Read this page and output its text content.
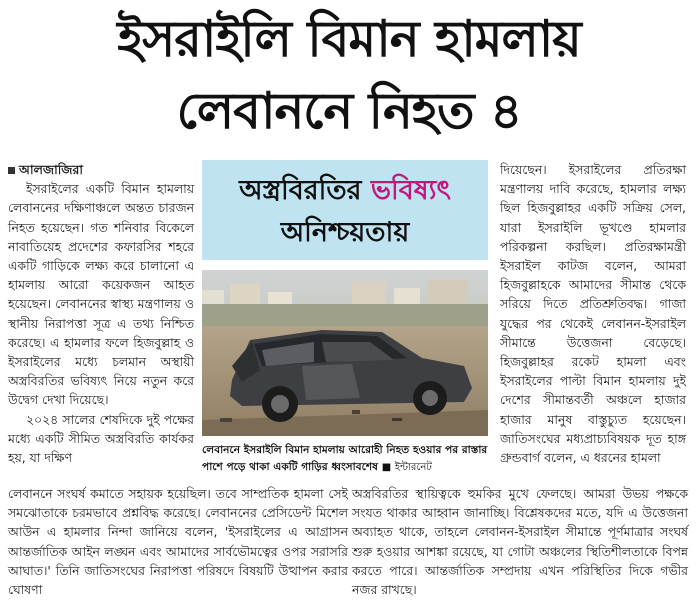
ইসরাইলি বিমান হামলায়
লেবাননে নিহত ৪

আলজাজিরা

ইসরাইলের একটি বিমান হামলায় লেবাননের দক্ষিণাঞ্চলে অন্তত চারজন নিহত হয়েছেন। গত শনিবার বিকেলে নাবাতিয়েহ প্রদেশের কফারসির শহরে একটি গাড়িকে লক্ষ্য করে চালানো এ হামলায় আরো কয়েকজন আহত হয়েছেন। লেবাননের স্বাস্থ্য মন্ত্রণালয় ও স্থানীয় নিরাপত্তা সূত্র এ তথ্য নিশ্চিত করেছে। এ হামলার ফলে হিজবুল্লাহ ও ইসরাইলের মধ্যে চলমান অস্থায়ী অস্ত্রবিরতির ভবিষ্যৎ নিয়ে নতুন করে উদ্বেগ দেখা দিয়েছে।

২০২৪ সালের শেষদিকে দুই পক্ষের মধ্যে একটি সীমিত অস্ত্রবিরতি কার্যকর হয়, যা দক্ষিণ

অস্ত্রবিরতির ভবিষ্যৎ
অনিশ্চয়তায়
লেবাননে ইসরাইলি বিমান হামলায় আরোহী নিহত হওয়ার পর রাস্তার পাশে পড়ে থাকা একটি গাড়ির ধ্বংসাবশেষ ■ ইন্টারনেট

দিয়েছেন। ইসরাইলের প্রতিরক্ষা মন্ত্রণালয় দাবি করেছে, হামলার লক্ষ্য ছিল হিজবুল্লাহর একটি সক্রিয় সেল, যারা ইসরাইলি ভূখণ্ডে হামলার পরিকল্পনা করছিল। প্রতিরক্ষামন্ত্রী ইসরাইল কাটজ বলেন, আমরা হিজবুল্লাহকে আমাদের সীমান্ত থেকে সরিয়ে দিতে প্রতিশ্রুতিবদ্ধ। গাজা যুদ্ধের পর থেকেই লেবানন-ইসরাইল সীমান্তে উত্তেজনা বেড়েছে। হিজবুল্লাহর রকেট হামলা এবং ইসরাইলের পাল্টা বিমান হামলায় দুই দেশের সীমান্তবর্তী অঞ্চলে হাজার হাজার মানুষ বাস্তুচ্যুত হয়েছেন। জাতিসংঘের মধ্যপ্রাচ্যবিষয়ক দূত হাঙ্গ গ্রুন্ডবার্গ বলেন, এ ধরনের হামলা

লেবাননে সংঘর্ষ কমাতে সহায়ক হয়েছিল। তবে সাম্প্রতিক হামলা সেই সমঝোতাকে চরমভাবে প্রশ্নবিদ্ধ করেছে। লেবাননের প্রেসিডেন্ট মিশেল আউন এ হামলার নিন্দা জানিয়ে বলেন, 'ইসরাইলের এ আগ্রাসন আন্তর্জাতিক আইন লঙ্ঘন এবং আমাদের সার্বভৌমত্বের ওপর সরাসরি আঘাত।' তিনি জাতিসংঘের নিরাপত্তা পরিষদে বিষয়টি উত্থাপন করার ঘোষণা

অস্ত্রবিরতির স্থায়িত্বকে হুমকির মুখে ফেলছে। আমরা উভয় পক্ষকে সংযত থাকার আহ্বান জানাচ্ছি। বিশ্লেষকদের মতে, যদি এ উত্তেজনা অব্যাহত থাকে, তাহলে লেবানন-ইসরাইল সীমান্তে পূর্ণমাত্রার সংঘর্ষ শুরু হওয়ার আশঙ্কা রয়েছে, যা গোটা অঞ্চলের স্থিতিশীলতাকে বিপন্ন করতে পারে। আন্তর্জাতিক সম্প্রদায় এখন পরিস্থিতির দিকে গভীর নজর রাখছে।
